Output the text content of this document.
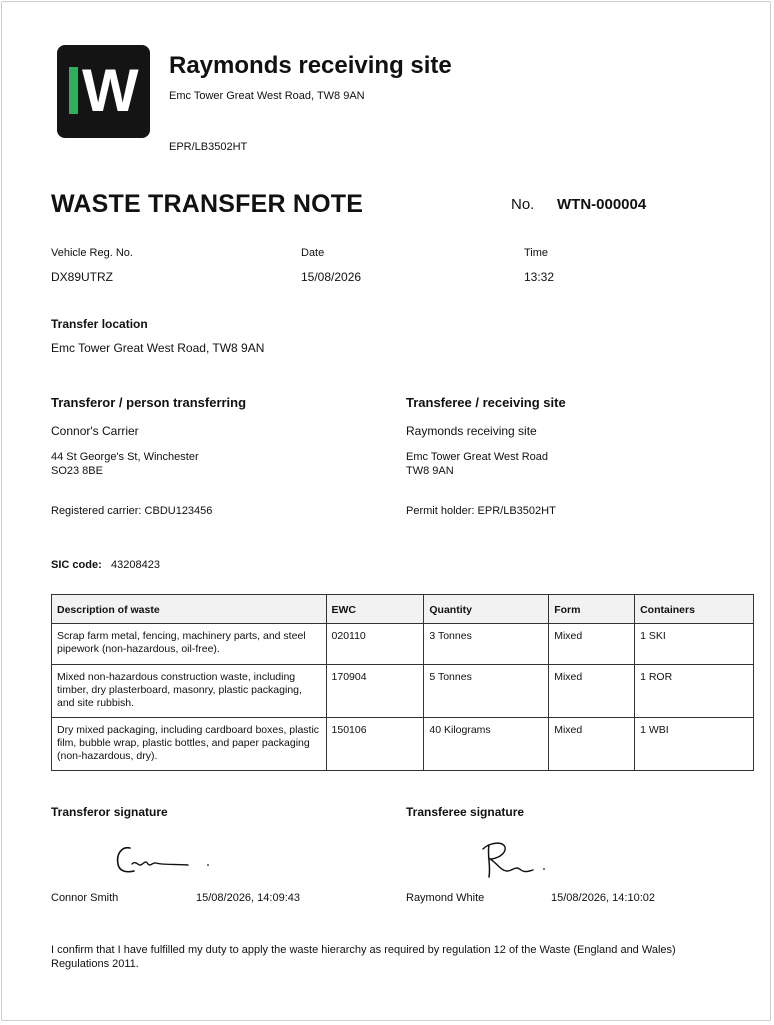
W Raymonds receiving site
Emc Tower Great West Road, TW8 9AN
EPR/LB3502HT
WASTE TRANSFER NOTE	No. WTN-000004
Vehicle Reg. No.
DX89UTRZ
Date
15/08/2026
Time
13:32
Transfer location
Emc Tower Great West Road, TW8 9AN
Transferor / person transferring
Connor's Carrier
44 St George's St, Winchester
SO23 8BE
Registered carrier: CBDU123456
Transferee / receiving site
Raymonds receiving site
Emc Tower Great West Road
TW8 9AN
Permit holder: EPR/LB3502HT
SIC code: 43208423
Description of waste	EWC	Quantity	Form	Containers
Scrap farm metal, fencing, machinery parts, and steel pipework (non-hazardous, oil-free).	020110	3 Tonnes	Mixed	1 SKI
Mixed non-hazardous construction waste, including timber, dry plasterboard, masonry, plastic packaging, and site rubbish.	170904	5 Tonnes	Mixed	1 ROR
Dry mixed packaging, including cardboard boxes, plastic film, bubble wrap, plastic bottles, and paper packaging (non-hazardous, dry).	150106	40 Kilograms	Mixed	1 WBI
Transferor signature
Connor Smith	15/08/2026, 14:09:43
Transferee signature
Raymond White	15/08/2026, 14:10:02
I confirm that I have fulfilled my duty to apply the waste hierarchy as required by regulation 12 of the Waste (England and Wales) Regulations 2011.
